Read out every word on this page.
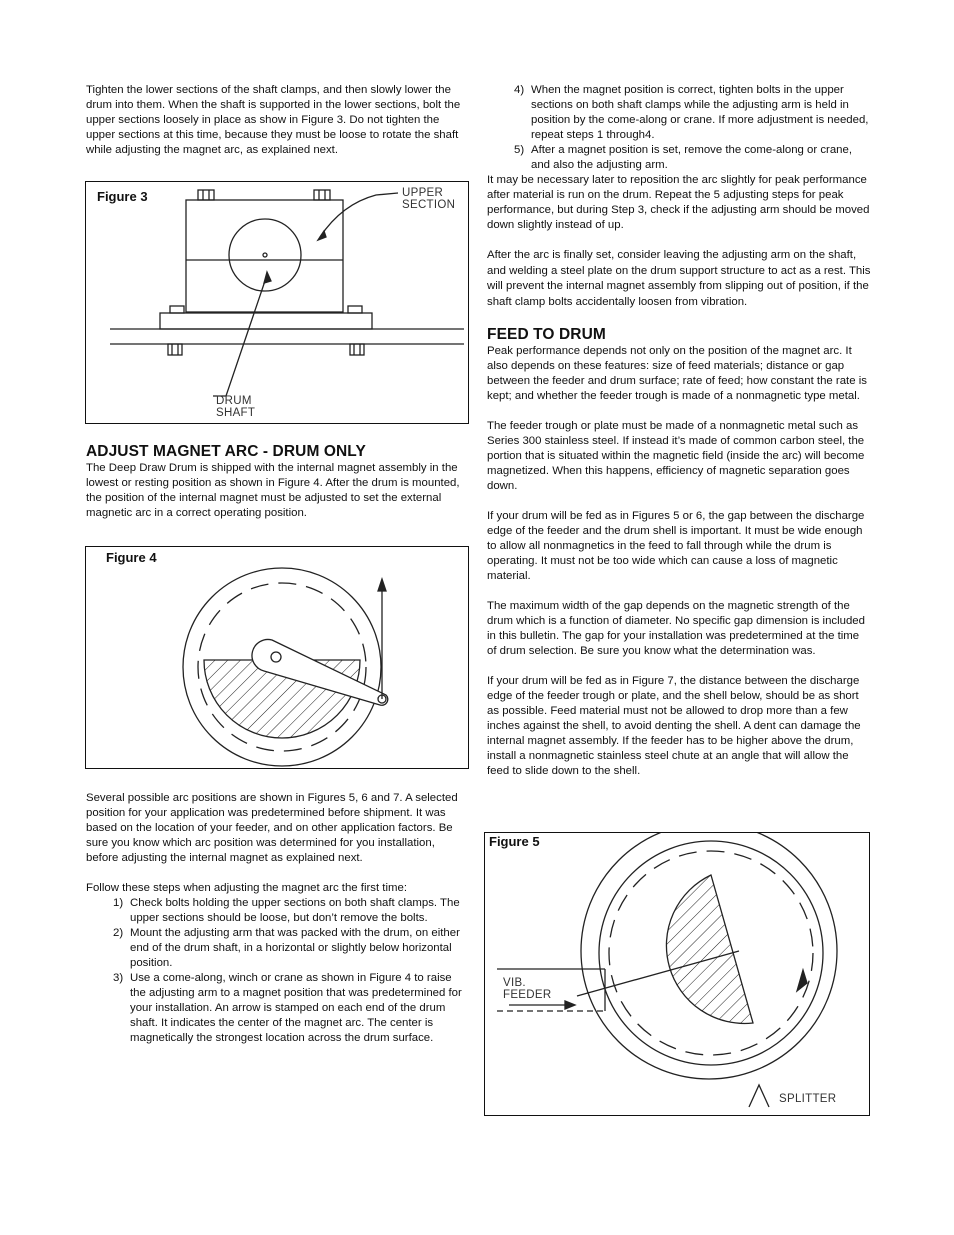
Tighten the lower sections of the shaft clamps, and then slowly lower the drum into them. When the shaft is supported in the lower sections, bolt the upper sections loosely in place as show in Figure 3. Do not tighten the upper sections at this time, because they must be loose to rotate the shaft while adjusting the magnet arc, as explained next.

Figure 3	UPPER
SECTION
DRUM
SHAFT
ADJUST MAGNET ARC - DRUM ONLY

The Deep Draw Drum is shipped with the internal magnet assembly in the lowest or resting position as shown in Figure 4. After the drum is mounted, the position of the internal magnet must be adjusted to set the external magnetic arc in a correct operating position.

Figure 4

Several possible arc positions are shown in Figures 5, 6 and 7. A selected position for your application was predetermined before shipment. It was based on the location of your feeder, and on other application factors. Be sure you know which arc position was determined for you installation, before adjusting the internal magnet as explained next.

Follow these steps when adjusting the magnet arc the first time:

1) Check bolts holding the upper sections on both shaft clamps. The upper sections should be loose, but don’t remove the bolts.
2) Mount the adjusting arm that was packed with the drum, on either end of the drum shaft, in a horizontal or slightly below horizontal position.
3) Use a come-along, winch or crane as shown in Figure 4 to raise the adjusting arm to a magnet position that was predetermined for your installation. An arrow is stamped on each end of the drum shaft. It indicates the center of the magnet arc. The center is magnetically the strongest location across the drum surface.
4) When the magnet position is correct, tighten bolts in the upper sections on both shaft clamps while the adjusting arm is held in position by the come-along or crane. If more adjustment is needed, repeat steps 1 through4.
5) After a magnet position is set, remove the come-along or crane, and also the adjusting arm.

It may be necessary later to reposition the arc slightly for peak performance after material is run on the drum. Repeat the 5 adjusting steps for peak performance, but during Step 3, check if the adjusting arm should be moved down slightly instead of up.

After the arc is finally set, consider leaving the adjusting arm on the shaft, and welding a steel plate on the drum support structure to act as a rest. This will prevent the internal magnet assembly from slipping out of position, if the shaft clamp bolts accidentally loosen from vibration.

FEED TO DRUM

Peak performance depends not only on the position of the magnet arc. It also depends on these features: size of feed materials; distance or gap between the feeder and drum surface; rate of feed; how constant the rate is kept; and whether the feeder trough is made of a nonmagnetic type metal.

The feeder trough or plate must be made of a nonmagnetic metal such as Series 300 stainless steel. If instead it’s made of common carbon steel, the portion that is situated within the magnetic field (inside the arc) will become magnetized. When this happens, efficiency of magnetic separation goes down.

If your drum will be fed as in Figures 5 or 6, the gap between the discharge edge of the feeder and the drum shell is important. It must be wide enough to allow all nonmagnetics in the feed to fall through while the drum is operating. It must not be too wide which can cause a loss of magnetic material.

The maximum width of the gap depends on the magnetic strength of the drum which is a function of diameter. No specific gap dimension is included in this bulletin. The gap for your installation was predetermined at the time of drum selection. Be sure you know what the determination was.

If your drum will be fed as in Figure 7, the distance between the discharge edge of the feeder trough or plate, and the shell below, should be as short as possible. Feed material must not be allowed to drop more than a few inches against the shell, to avoid denting the shell. A dent can damage the internal magnet assembly. If the feeder has to be higher above the drum, install a nonmagnetic stainless steel chute at an angle that will allow the feed to slide down to the shell.

Figure 5
VIB.
FEEDER
SPLITTER
